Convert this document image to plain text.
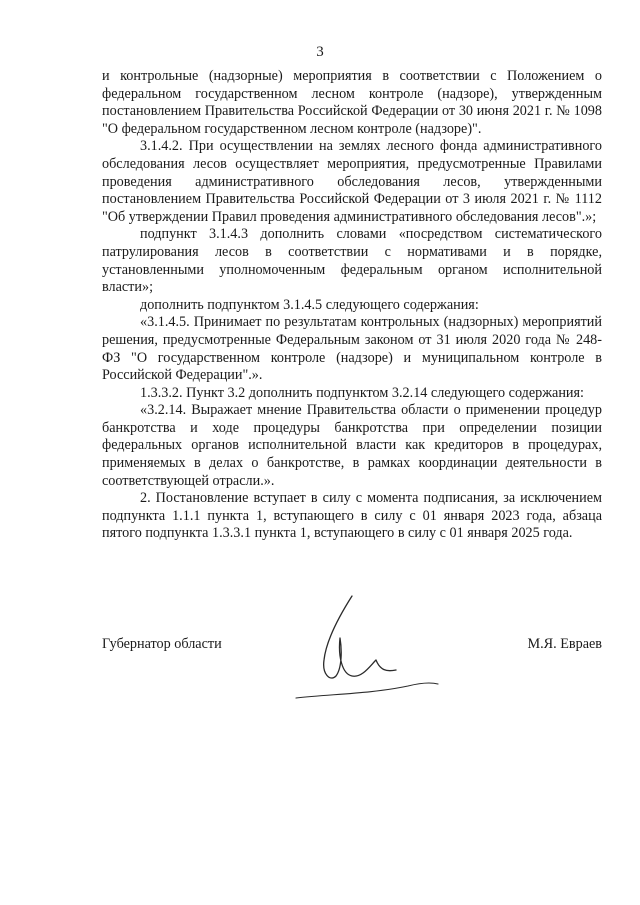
3

и контрольные (надзорные) мероприятия в соответствии с Положением о федеральном государственном лесном контроле (надзоре), утвержденным постановлением Правительства Российской Федерации от 30 июня 2021 г. № 1098 "О федеральном государственном лесном контроле (надзоре)".

3.1.4.2. При осуществлении на землях лесного фонда административного обследования лесов осуществляет мероприятия, предусмотренные Правилами проведения административного обследования лесов, утвержденными постановлением Правительства Российской Федерации от 3 июля 2021 г. № 1112 "Об утверждении Правил проведения административного обследования лесов".»;

подпункт 3.1.4.3 дополнить словами «посредством систематического патрулирования лесов в соответствии с нормативами и в порядке, установленными уполномоченным федеральным органом исполнительной власти»;

дополнить подпунктом 3.1.4.5 следующего содержания:

«3.1.4.5. Принимает по результатам контрольных (надзорных) мероприятий решения, предусмотренные Федеральным законом от 31 июля 2020 года № 248-ФЗ "О государственном контроле (надзоре) и муниципальном контроле в Российской Федерации".».

1.3.3.2. Пункт 3.2 дополнить подпунктом 3.2.14 следующего содержания:

«3.2.14. Выражает мнение Правительства области о применении процедур банкротства и ходе процедуры банкротства при определении позиции федеральных органов исполнительной власти как кредиторов в процедурах, применяемых в делах о банкротстве, в рамках координации деятельности в соответствующей отрасли.».

2. Постановление вступает в силу с момента подписания, за исключением подпункта 1.1.1 пункта 1, вступающего в силу с 01 января 2023 года, абзаца пятого подпункта 1.3.3.1 пункта 1, вступающего в силу с 01 января 2025 года.

Губернатор области	М.Я. Евраев
